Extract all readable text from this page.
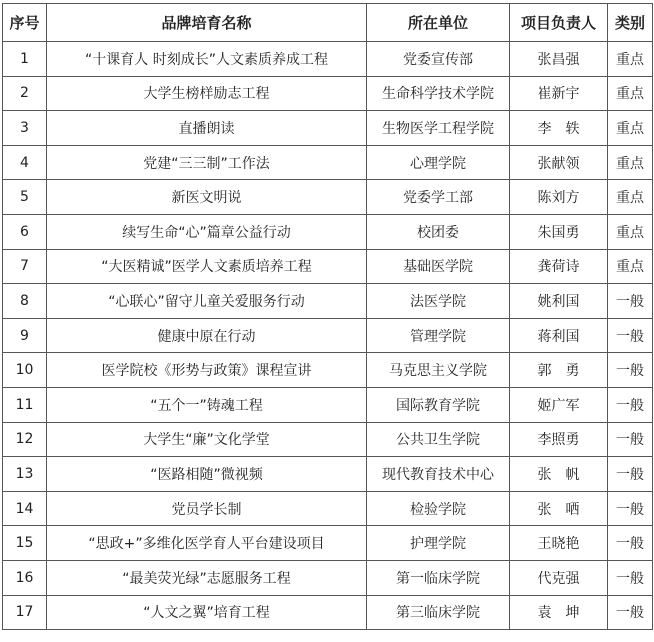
序号	品牌培育名称	所在单位	项目负责人	类别
1	“十课育人 时刻成长”人文素质养成工程	党委宣传部	张昌强	重点
2	大学生榜样励志工程	生命科学技术学院	崔新宇	重点
3	直播朗读	生物医学工程学院	李　轶	重点
4	党建“三三制”工作法	心理学院	张献领	重点
5	新医文明说	党委学工部	陈刘方	重点
6	续写生命“心”篇章公益行动	校团委	朱国勇	重点
7	“大医精诚”医学人文素质培养工程	基础医学院	龚荷诗	重点
8	“心联心”留守儿童关爱服务行动	法医学院	姚利国	一般
9	健康中原在行动	管理学院	蒋利国	一般
10	医学院校《形势与政策》课程宣讲	马克思主义学院	郭　勇	一般
11	“五个一”铸魂工程	国际教育学院	姬广军	一般
12	大学生“廉”文化学堂	公共卫生学院	李照勇	一般
13	“医路相随”微视频	现代教育技术中心	张　帆	一般
14	党员学长制	检验学院	张　哂	一般
15	“思政+”多维化医学育人平台建设项目	护理学院	王晓艳	一般
16	“最美荧光绿”志愿服务工程	第一临床学院	代克强	一般
17	“人文之翼”培育工程	第三临床学院	袁　坤	一般
